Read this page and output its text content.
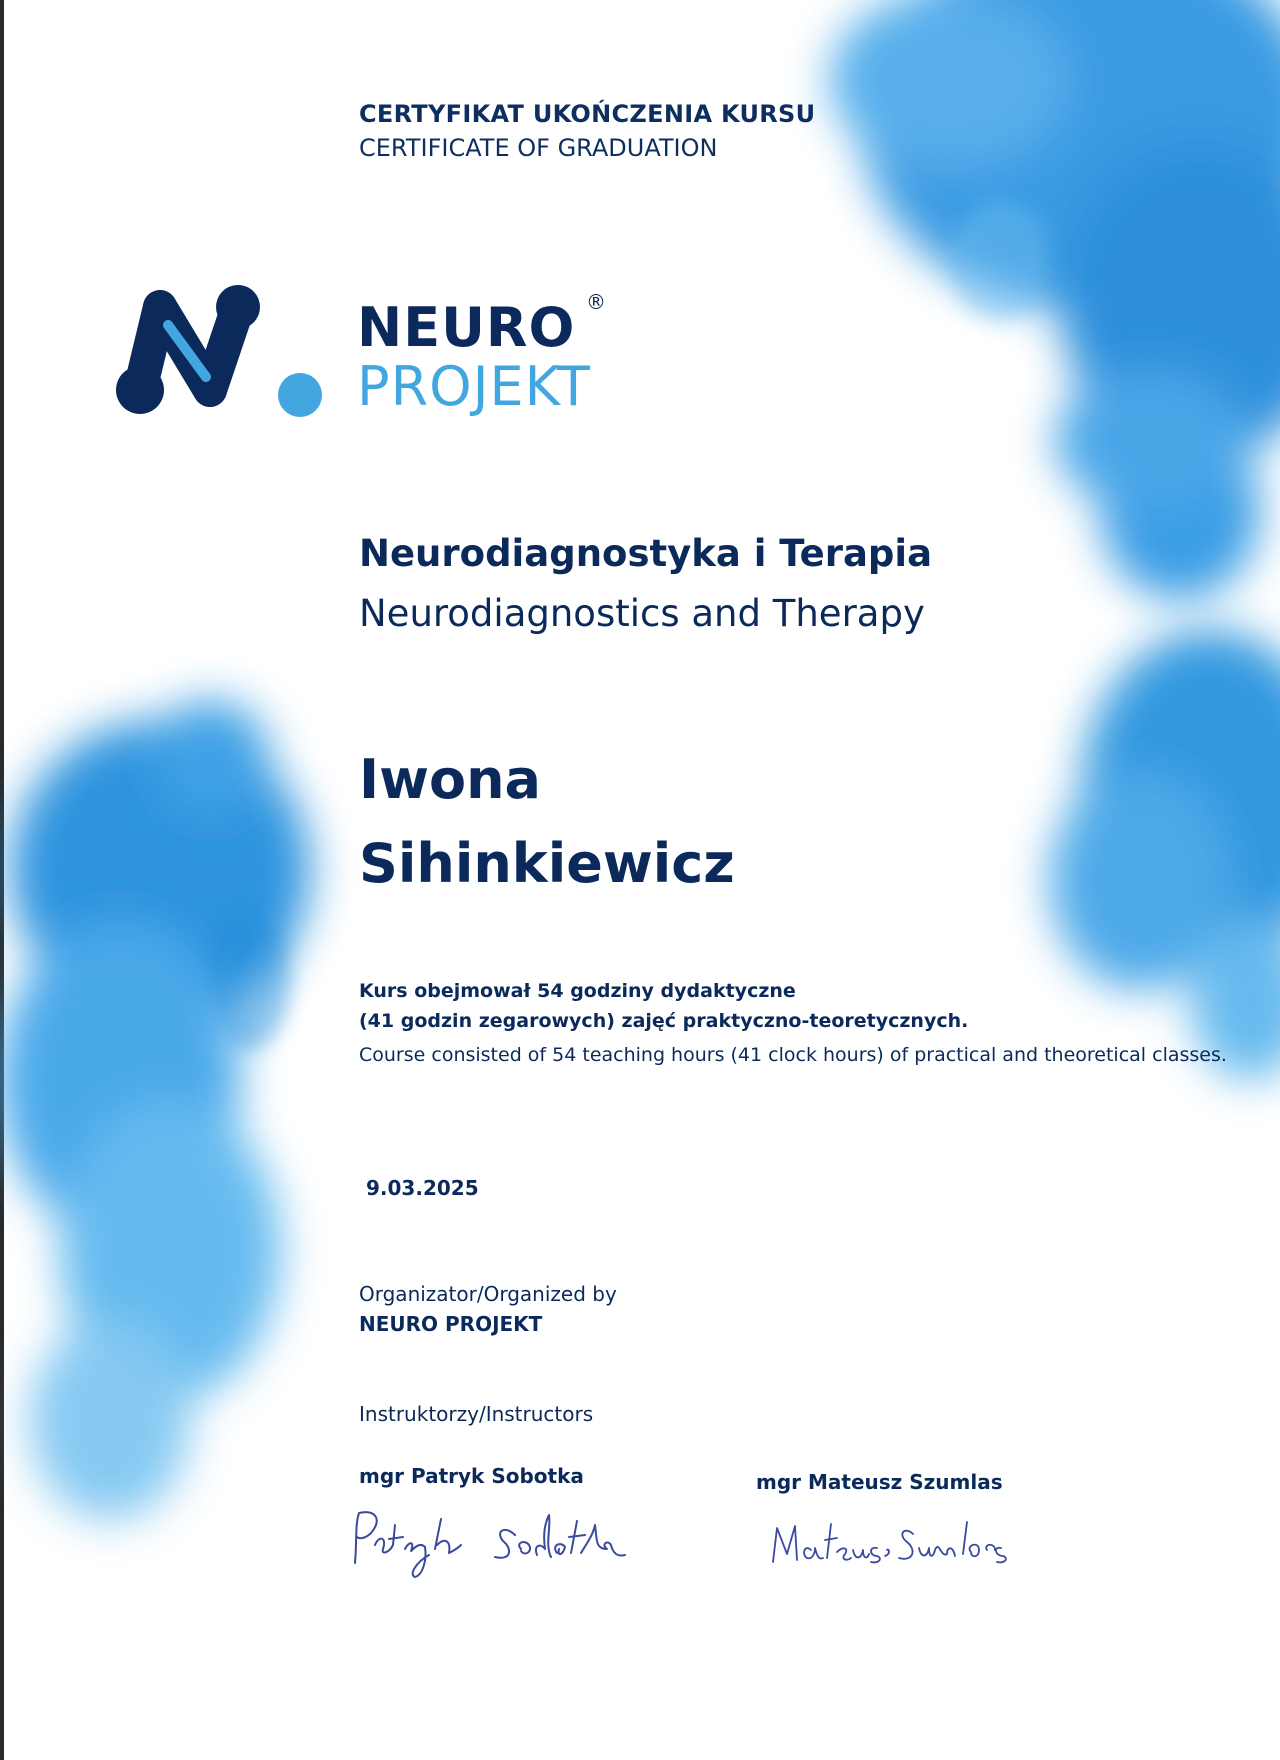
CERTYFIKAT UKOŃCZENIA KURSU
CERTIFICATE OF GRADUATION
NEURO ®
PROJEKT
Neurodiagnostyka i Terapia
Neurodiagnostics and Therapy
Iwona
Sihinkiewicz
Kurs obejmował 54 godziny dydaktyczne
(41 godzin zegarowych) zajęć praktyczno-teoretycznych.
Course consisted of 54 teaching hours (41 clock hours) of practical and theoretical classes.
9.03.2025
Organizator/Organized by
NEURO PROJEKT
Instruktorzy/Instructors
mgr Patryk Sobotka	mgr Mateusz Szumlas
